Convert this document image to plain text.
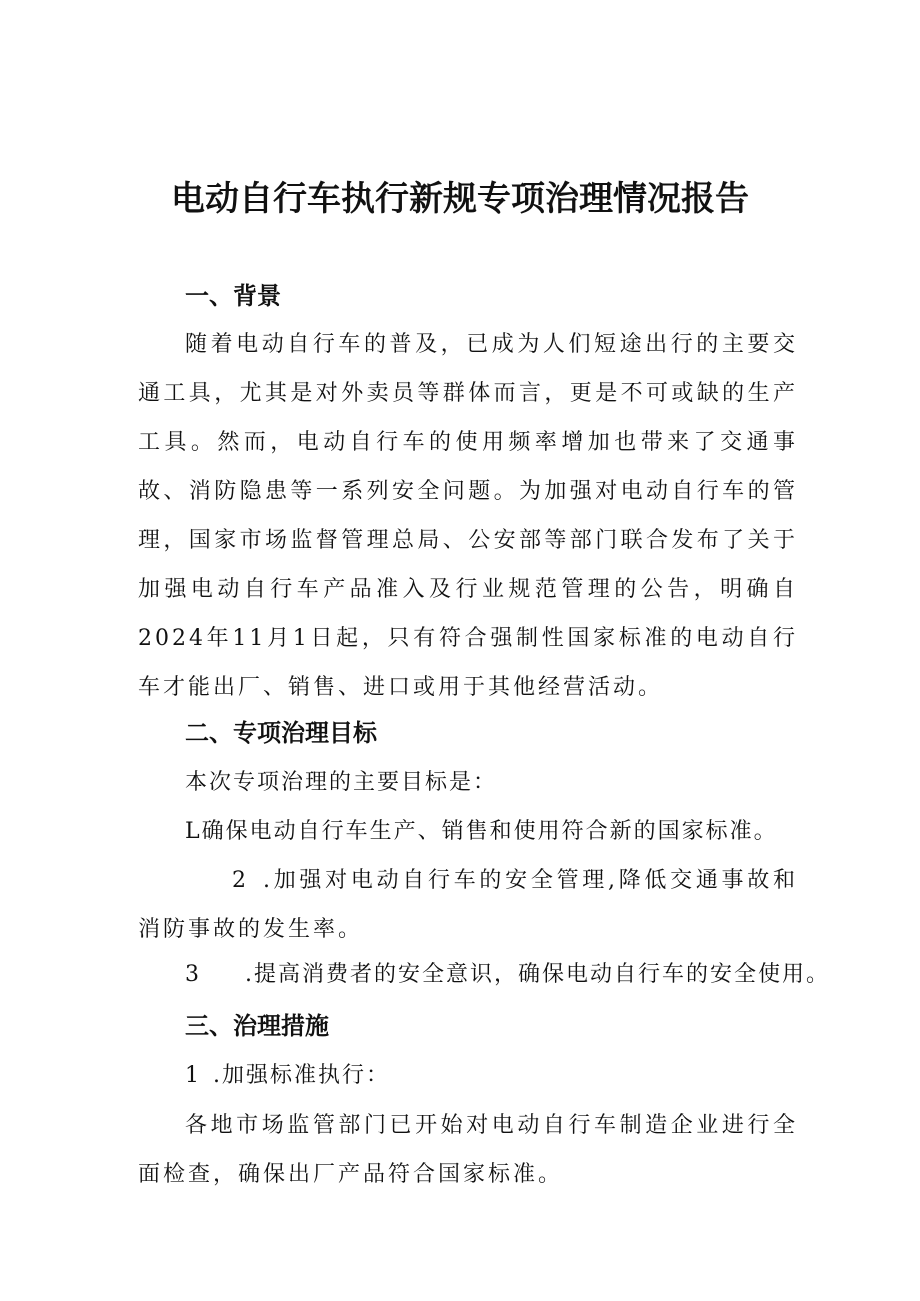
电动自行车执行新规专项治理情况报告
一、背景
随着电动自行车的普及，已成为人们短途出行的主要交通工具，尤其是对外卖员等群体而言，更是不可或缺的生产工具。然而，电动自行车的使用频率增加也带来了交通事故、消防隐患等一系列安全问题。为加强对电动自行车的管理，国家市场监督管理总局、公安部等部门联合发布了关于加强电动自行车产品准入及行业规范管理的公告，明确自2024年11月1日起，只有符合强制性国家标准的电动自行车才能出厂、销售、进口或用于其他经营活动。
二、专项治理目标
本次专项治理的主要目标是：
L确保电动自行车生产、销售和使用符合新的国家标准。
2 .加强对电动自行车的安全管理,降低交通事故和消防事故的发生率。
3 .提高消费者的安全意识，确保电动自行车的安全使用。
三、治理措施
1 .加强标准执行：
各地市场监管部门已开始对电动自行车制造企业进行全面检查，确保出厂产品符合国家标准。
